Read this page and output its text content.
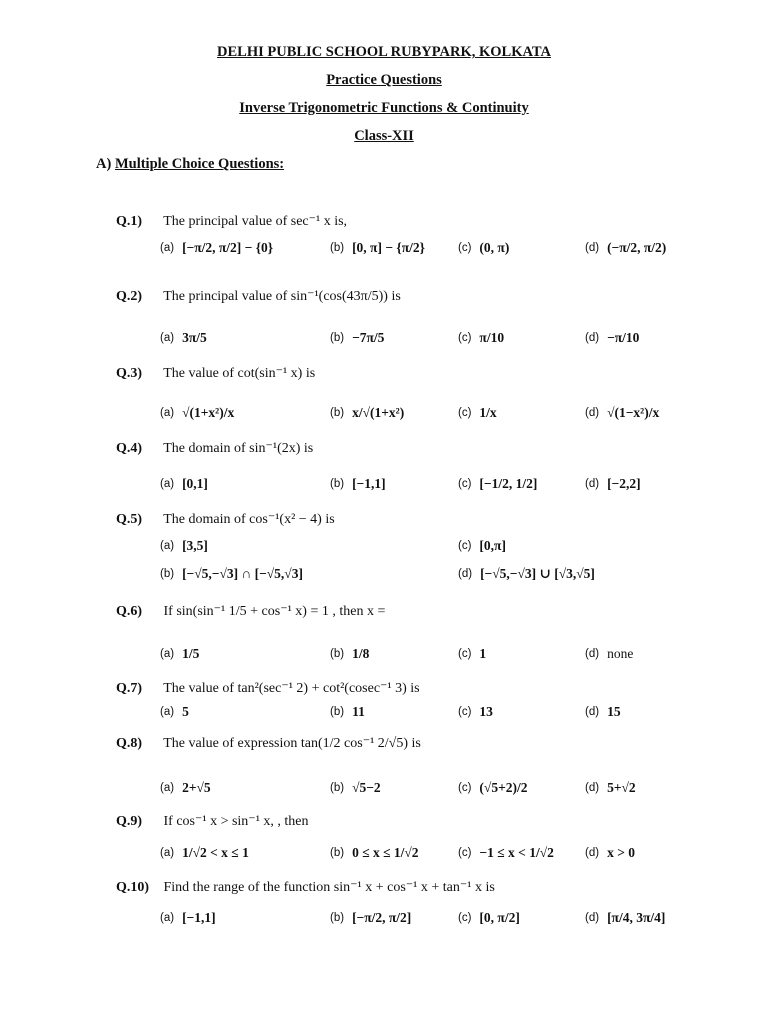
DELHI PUBLIC SCHOOL RUBYPARK, KOLKATA
Practice Questions
Inverse Trigonometric Functions & Continuity
Class-XII
A) Multiple Choice Questions:
Q.1) The principal value of sec⁻¹ x is,
(a) [−π/2, π/2] − {0}	(b) [0, π] − {π/2}	(c) (0, π)	(d) (−π/2, π/2)
Q.2) The principal value of sin⁻¹(cos(43π/5)) is
(a) 3π/5	(b) −7π/5	(c) π/10	(d) −π/10
Q.3) The value of cot(sin⁻¹ x) is
(a) √(1+x²)/x	(b) x/√(1+x²)	(c) 1/x	(d) √(1−x²)/x
Q.4) The domain of sin⁻¹(2x) is
(a) [0,1]	(b) [−1,1]	(c) [−1/2, 1/2]	(d) [−2,2]
Q.5) The domain of cos⁻¹(x² − 4) is
(a) [3,5]	(c) [0,π]
(b) [−√5,−√3] ∩ [−√5,√3]	(d) [−√5,−√3] ∪ [√3,√5]
Q.6) If sin(sin⁻¹ 1/5 + cos⁻¹ x) = 1 , then x =
(a) 1/5	(b) 1/8	(c) 1	(d) none
Q.7) The value of tan²(sec⁻¹ 2) + cot²(cosec⁻¹ 3) is
(a) 5	(b) 11	(c) 13	(d) 15
Q.8) The value of expression tan(1/2 cos⁻¹ 2/√5) is
(a) 2+√5	(b) √5−2	(c) (√5+2)/2	(d) 5+√2
Q.9) If cos⁻¹ x > sin⁻¹ x, , then
(a) 1/√2 < x ≤ 1	(b) 0 ≤ x ≤ 1/√2	(c) −1 ≤ x < 1/√2	(d) x > 0
Q.10) Find the range of the function sin⁻¹ x + cos⁻¹ x + tan⁻¹ x is
(a) [−1,1]	(b) [−π/2, π/2]	(c) [0, π/2]	(d) [π/4, 3π/4]
